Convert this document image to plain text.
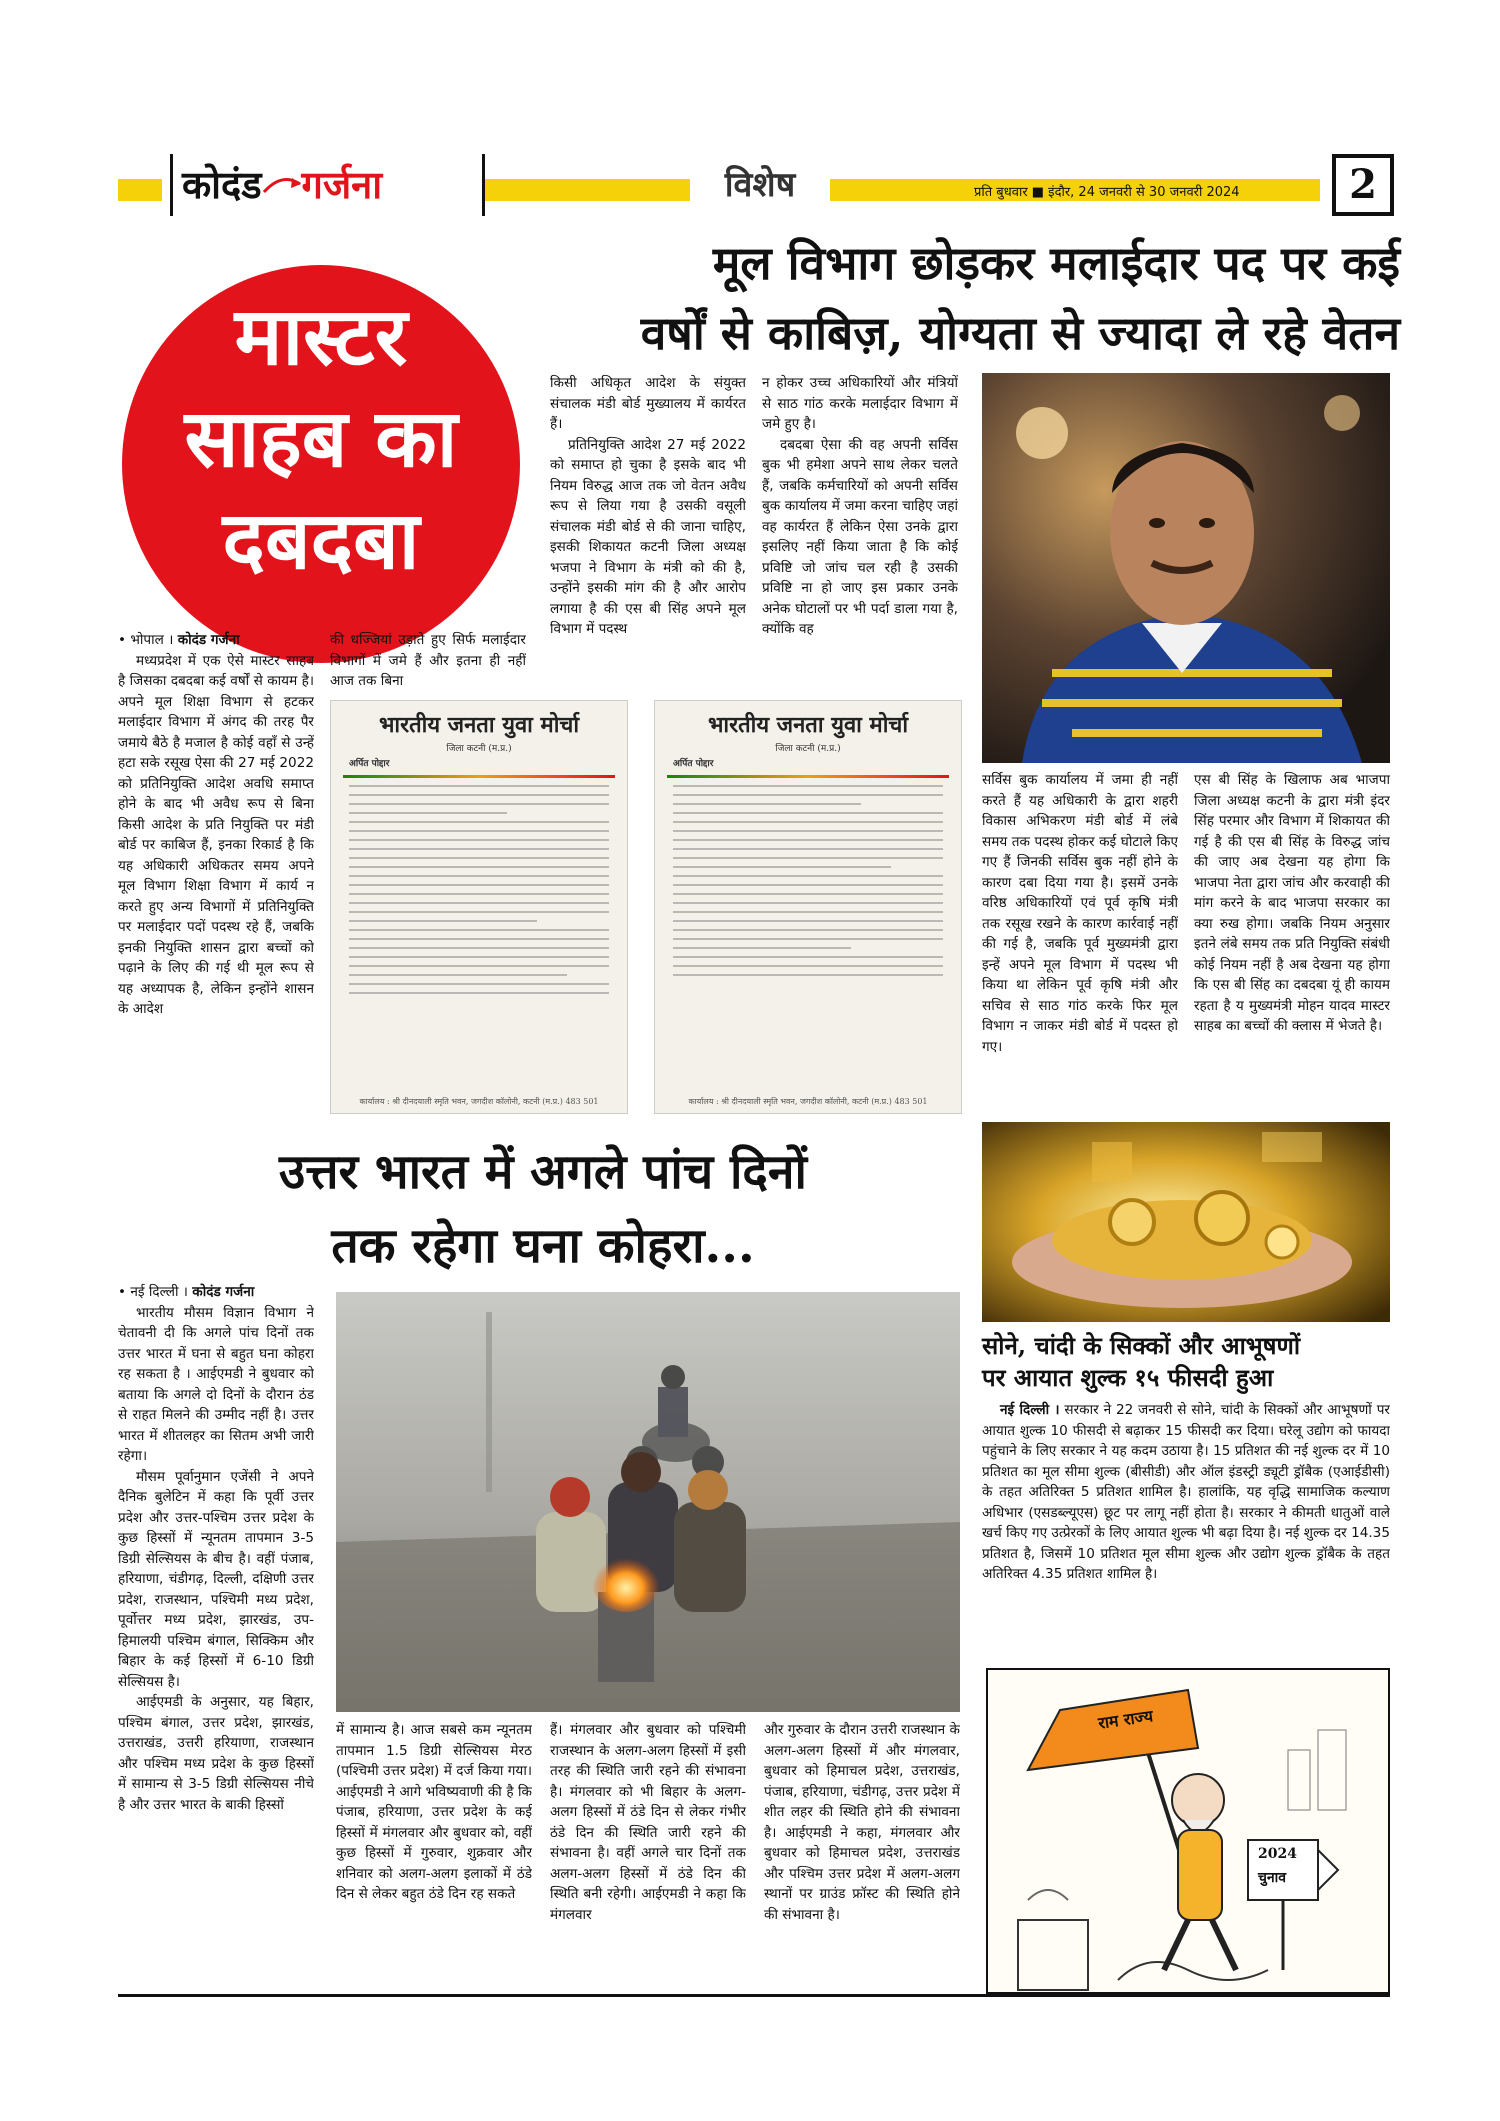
कोदंड गर्जना	विशेष	प्रति बुधवार ■ इंदौर, 24 जनवरी से 30 जनवरी 2024	2
मास्टर
साहब का
दबदबा
मूल विभाग छोड़कर मलाईदार पद पर कई
वर्षों से काबिज़, योग्यता से ज्यादा ले रहे वेतन

• भोपाल । कोदंड गर्जना

मध्यप्रदेश में एक ऐसे मास्टर साहब है जिसका दबदबा कई वर्षों से कायम है। अपने मूल शिक्षा विभाग से हटकर मलाईदार विभाग में अंगद की तरह पैर जमाये बैठे है मजाल है कोई वहाँ से उन्हें हटा सके रसूख ऐसा की 27 मई 2022 को प्रतिनियुक्ति आदेश अवधि समाप्त होने के बाद भी अवैध रूप से बिना किसी आदेश के प्रति नियुक्ति पर मंडी बोर्ड पर काबिज हैं, इनका रिकार्ड है कि यह अधिकारी अधिकतर समय अपने मूल विभाग शिक्षा विभाग में कार्य न करते हुए अन्य विभागों में प्रतिनियुक्ति पर मलाईदार पदों पदस्थ रहे हैं, जबकि इनकी नियुक्ति शासन द्वारा बच्चों को पढ़ाने के लिए की गई थी मूल रूप से यह अध्यापक है, लेकिन इन्होंने शासन के आदेश

की धज्जियां उड़ाते हुए सिर्फ मलाईदार विभागों में जमे हैं और इतना ही नहीं आज तक बिना

किसी अधिकृत आदेश के संयुक्त संचालक मंडी बोर्ड मुख्यालय में कार्यरत हैं।

प्रतिनियुक्ति आदेश 27 मई 2022 को समाप्त हो चुका है इसके बाद भी नियम विरुद्ध आज तक जो वेतन अवैध रूप से लिया गया है उसकी वसूली संचालक मंडी बोर्ड से की जाना चाहिए, इसकी शिकायत कटनी जिला अध्यक्ष भजपा ने विभाग के मंत्री को की है, उन्होंने इसकी मांग की है और आरोप लगाया है की एस बी सिंह अपने मूल विभाग में पदस्थ

न होकर उच्च अधिकारियों और मंत्रियों से साठ गांठ करके मलाईदार विभाग में जमे हुए है।

दबदबा ऐसा की वह अपनी सर्विस बुक भी हमेशा अपने साथ लेकर चलते हैं, जबकि कर्मचारियों को अपनी सर्विस बुक कार्यालय में जमा करना चाहिए जहां वह कार्यरत हैं लेकिन ऐसा उनके द्वारा इसलिए नहीं किया जाता है कि कोई प्रविष्टि जो जांच चल रही है उसकी प्रविष्टि ना हो जाए इस प्रकार उनके अनेक घोटालों पर भी पर्दा डाला गया है, क्योंकि वह

भारतीय जनता युवा मोर्चा
जिला कटनी (म.प्र.)
अर्पित पोद्दार
कार्यालय : श्री दीनदयाली स्मृति भवन, जगदीश कॉलोनी, कटनी (म.प्र.) 483 501
भारतीय जनता युवा मोर्चा
जिला कटनी (म.प्र.)
अर्पित पोद्दार
कार्यालय : श्री दीनदयाली स्मृति भवन, जगदीश कॉलोनी, कटनी (म.प्र.) 483 501

सर्विस बुक कार्यालय में जमा ही नहीं करते हैं यह अधिकारी के द्वारा शहरी विकास अभिकरण मंडी बोर्ड में लंबे समय तक पदस्थ होकर कई घोटाले किए गए हैं जिनकी सर्विस बुक नहीं होने के कारण दबा दिया गया है। इसमें उनके वरिष्ठ अधिकारियों एवं पूर्व कृषि मंत्री तक रसूख रखने के कारण कार्रवाई नहीं की गई है, जबकि पूर्व मुख्यमंत्री द्वारा इन्हें अपने मूल विभाग में पदस्थ भी किया था लेकिन पूर्व कृषि मंत्री और सचिव से साठ गांठ करके फिर मूल विभाग न जाकर मंडी बोर्ड में पदस्त हो गए।

एस बी सिंह के खिलाफ अब भाजपा जिला अध्यक्ष कटनी के द्वारा मंत्री इंदर सिंह परमार और विभाग में शिकायत की गई है की एस बी सिंह के विरुद्ध जांच की जाए अब देखना यह होगा कि भाजपा नेता द्वारा जांच और करवाही की मांग करने के बाद भाजपा सरकार का क्या रुख होगा। जबकि नियम अनुसार इतने लंबे समय तक प्रति नियुक्ति संबंधी कोई नियम नहीं है अब देखना यह होगा कि एस बी सिंह का दबदबा यूं ही कायम रहता है य मुख्यमंत्री मोहन यादव मास्टर साहब का बच्चों की क्लास में भेजते है।

उत्तर भारत में अगले पांच दिनों
तक रहेगा घना कोहरा...

• नई दिल्ली । कोदंड गर्जना

भारतीय मौसम विज्ञान विभाग ने चेतावनी दी कि अगले पांच दिनों तक उत्तर भारत में घना से बहुत घना कोहरा रह सकता है । आईएमडी ने बुधवार को बताया कि अगले दो दिनों के दौरान ठंड से राहत मिलने की उम्मीद नहीं है। उत्तर भारत में शीतलहर का सितम अभी जारी रहेगा।

मौसम पूर्वानुमान एजेंसी ने अपने दैनिक बुलेटिन में कहा कि पूर्वी उत्तर प्रदेश और उत्तर-पश्चिम उत्तर प्रदेश के कुछ हिस्सों में न्यूनतम तापमान 3-5 डिग्री सेल्सियस के बीच है। वहीं पंजाब, हरियाणा, चंडीगढ़, दिल्ली, दक्षिणी उत्तर प्रदेश, राजस्थान, पश्चिमी मध्य प्रदेश, पूर्वोत्तर मध्य प्रदेश, झारखंड, उप-हिमालयी पश्चिम बंगाल, सिक्किम और बिहार के कई हिस्सों में 6-10 डिग्री सेल्सियस है।

आईएमडी के अनुसार, यह बिहार, पश्चिम बंगाल, उत्तर प्रदेश, झारखंड, उत्तराखंड, उत्तरी हरियाणा, राजस्थान और पश्चिम मध्य प्रदेश के कुछ हिस्सों में सामान्य से 3-5 डिग्री सेल्सियस नीचे है और उत्तर भारत के बाकी हिस्सों

में सामान्य है। आज सबसे कम न्यूनतम तापमान 1.5 डिग्री सेल्सियस मेरठ (पश्चिमी उत्तर प्रदेश) में दर्ज किया गया। आईएमडी ने आगे भविष्यवाणी की है कि पंजाब, हरियाणा, उत्तर प्रदेश के कई हिस्सों में मंगलवार और बुधवार को, वहीं कुछ हिस्सों में गुरुवार, शुक्रवार और शनिवार को अलग-अलग इलाकों में ठंडे दिन से लेकर बहुत ठंडे दिन रह सकते

हैं। मंगलवार और बुधवार को पश्चिमी राजस्थान के अलग-अलग हिस्सों में इसी तरह की स्थिति जारी रहने की संभावना है। मंगलवार को भी बिहार के अलग-अलग हिस्सों में ठंडे दिन से लेकर गंभीर ठंडे दिन की स्थिति जारी रहने की संभावना है। वहीं अगले चार दिनों तक अलग-अलग हिस्सों में ठंडे दिन की स्थिति बनी रहेगी। आईएमडी ने कहा कि मंगलवार

और गुरुवार के दौरान उत्तरी राजस्थान के अलग-अलग हिस्सों में और मंगलवार, बुधवार को हिमाचल प्रदेश, उत्तराखंड, पंजाब, हरियाणा, चंडीगढ़, उत्तर प्रदेश में शीत लहर की स्थिति होने की संभावना है। आईएमडी ने कहा, मंगलवार और बुधवार को हिमाचल प्रदेश, उत्तराखंड और पश्चिम उत्तर प्रदेश में अलग-अलग स्थानों पर ग्राउंड फ्रॉस्ट की स्थिति होने की संभावना है।

सोने, चांदी के सिक्कों और आभूषणों
पर आयात शुल्क १५ फीसदी हुआ

नई दिल्ली । सरकार ने 22 जनवरी से सोने, चांदी के सिक्कों और आभूषणों पर आयात शुल्क 10 फीसदी से बढ़ाकर 15 फीसदी कर दिया। घरेलू उद्योग को फायदा पहुंचाने के लिए सरकार ने यह कदम उठाया है। 15 प्रतिशत की नई शुल्क दर में 10 प्रतिशत का मूल सीमा शुल्क (बीसीडी) और ऑल इंडस्ट्री ड्यूटी ड्रॉबैक (एआईडीसी) के तहत अतिरिक्त 5 प्रतिशत शामिल है। हालांकि, यह वृद्धि सामाजिक कल्याण अधिभार (एसडब्ल्यूएस) छूट पर लागू नहीं होता है। सरकार ने कीमती धातुओं वाले खर्च किए गए उत्प्रेरकों के लिए आयात शुल्क भी बढ़ा दिया है। नई शुल्क दर 14.35 प्रतिशत है, जिसमें 10 प्रतिशत मूल सीमा शुल्क और उद्योग शुल्क ड्रॉबैक के तहत अतिरिक्त 4.35 प्रतिशत शामिल है।

राम राज्य
2024
चुनाव
